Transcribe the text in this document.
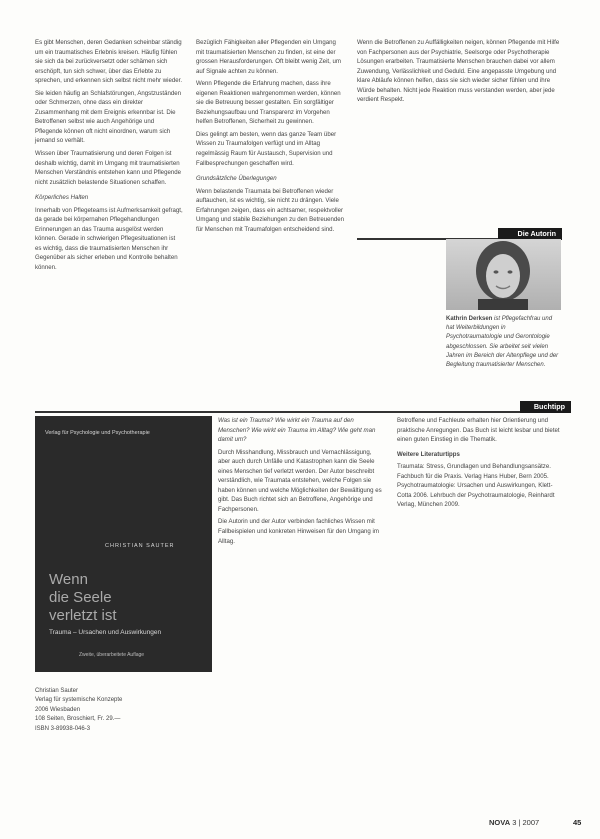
Es gibt Menschen, deren Gedanken scheinbar ständig um ein traumatisches Erlebnis kreisen. Häufig fühlen sie sich da bei zurückversetzt oder schämen sich erschöpft, tun sich schwer, über das Erlebte zu sprechen, und erkennen sich selbst nicht mehr wieder.

Sie leiden häufig an Schlafstörungen, Angstzuständen oder Schmerzen, ohne dass ein direkter Zusammenhang mit dem Ereignis erkennbar ist. Die Betroffenen selbst wie auch Angehörige und Pflegende können oft nicht einordnen, warum sich jemand so verhält.

Wissen über Traumatisierung und deren Folgen ist deshalb wichtig, damit im Umgang mit traumatisierten Menschen Verständnis entstehen kann und Pflegende nicht zusätzlich belastende Situationen schaffen.

Körperliches Halten

Innerhalb von Pflegeteams ist Aufmerksamkeit gefragt, da gerade bei körpernahen Pflegehandlungen Erinnerungen an das Trauma ausgelöst werden können. Gerade in schwierigen Pflegesituationen ist es wichtig, dass die traumatisierten Menschen ihr Gegenüber als sicher erleben und Kontrolle behalten können.

Bezüglich Fähigkeiten aller Pflegenden ein Umgang mit traumatisierten Menschen zu finden, ist eine der grossen Herausforderungen. Oft bleibt wenig Zeit, um auf Signale achten zu können.

Wenn Pflegende die Erfahrung machen, dass ihre eigenen Reaktionen wahrgenommen werden, können sie die Betreuung besser gestalten. Ein sorgfältiger Beziehungsaufbau und Transparenz im Vorgehen helfen Betroffenen, Sicherheit zu gewinnen.

Dies gelingt am besten, wenn das ganze Team über Wissen zu Traumafolgen verfügt und im Alltag regelmässig Raum für Austausch, Supervision und Fallbesprechungen geschaffen wird.

Grundsätzliche Überlegungen

Wenn belastende Traumata bei Betroffenen wieder auftauchen, ist es wichtig, sie nicht zu drängen. Viele Erfahrungen zeigen, dass ein achtsamer, respektvoller Umgang und stabile Beziehungen zu den Betreuenden für Menschen mit Traumafolgen entscheidend sind.

Wenn die Betroffenen zu Auffälligkeiten neigen, können Pflegende mit Hilfe von Fachpersonen aus der Psychiatrie, Seelsorge oder Psychotherapie Lösungen erarbeiten. Traumatisierte Menschen brauchen dabei vor allem Zuwendung, Verlässlichkeit und Geduld. Eine angepasste Umgebung und klare Abläufe können helfen, dass sie sich wieder sicher fühlen und ihre Würde behalten. Nicht jede Reaktion muss verstanden werden, aber jede verdient Respekt.

Die Autorin
Kathrin Derksen ist Pflegefachfrau und hat Weiterbildungen in Psychotraumatologie und Gerontologie abgeschlossen. Sie arbeitet seit vielen Jahren im Bereich der Altenpflege und der Begleitung traumatisierter Menschen.
Buchtipp
Verlag für Psychologie und Psychotherapie
CHRISTIAN SAUTER
Wenn
die Seele
verletzt ist
Trauma – Ursachen und Auswirkungen
Zweite, überarbeitete Auflage
Christian Sauter
Verlag für systemische Konzepte
2006 Wiesbaden
108 Seiten, Broschiert, Fr. 29.—
ISBN 3-89938-046-3

Was ist ein Trauma? Wie wirkt ein Trauma auf den Menschen? Wie wirkt ein Trauma im Alltag? Wie geht man damit um?

Durch Misshandlung, Missbrauch und Vernachlässigung, aber auch durch Unfälle und Katastrophen kann die Seele eines Menschen tief verletzt werden. Der Autor beschreibt verständlich, wie Traumata entstehen, welche Folgen sie haben können und welche Möglichkeiten der Bewältigung es gibt. Das Buch richtet sich an Betroffene, Angehörige und Fachpersonen.

Die Autorin und der Autor verbinden fachliches Wissen mit Fallbeispielen und konkreten Hinweisen für den Umgang im Alltag.

Betroffene und Fachleute erhalten hier Orientierung und praktische Anregungen. Das Buch ist leicht lesbar und bietet einen guten Einstieg in die Thematik.

Weitere Literaturtipps

Traumata: Stress, Grundlagen und Behandlungsansätze. Fachbuch für die Praxis. Verlag Hans Huber, Bern 2005. Psychotraumatologie: Ursachen und Auswirkungen, Klett-Cotta 2006. Lehrbuch der Psychotraumatologie, Reinhardt Verlag, München 2009.

NOVA 3 | 2007	45
